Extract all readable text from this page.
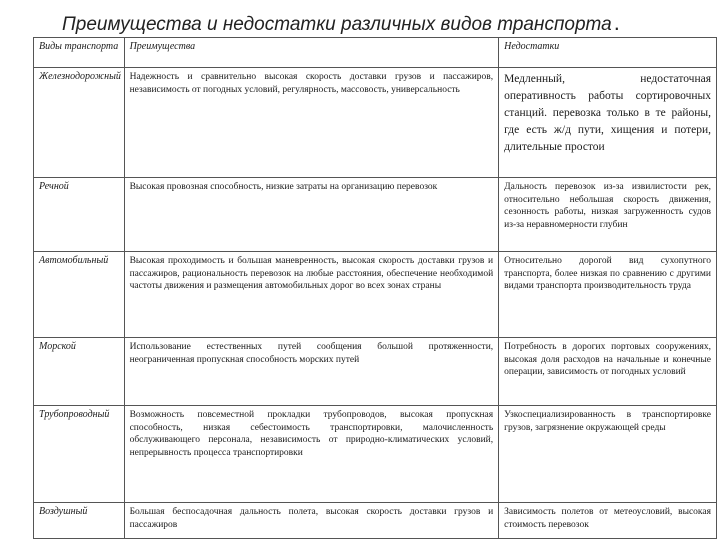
Преимущества и недостатки различных видов транспорта.
Виды транспорта	Преимущества	Недостатки
Железнодорожный	Надежность и сравнительно высокая скорость доставки грузов и пассажиров, независимость от погодных условий, регулярность, массовость, универсальность	Медленный, недостаточная оперативность работы сортировочных станций. перевозка только в те районы, где есть ж/д пути, хищения и потери, длительные простои
Речной	Высокая провозная способность, низкие затраты на организацию перевозок	Дальность перевозок из-за извилистости рек, относительно небольшая скорость движения, сезонность работы, низкая загруженность судов из-за неравномерности глубин
Автомобильный	Высокая проходимость и большая маневренность, высокая скорость доставки грузов и пассажиров, рациональность перевозок на любые расстояния, обеспечение необходимой частоты движения и размещения автомобильных дорог во всех зонах страны	Относительно дорогой вид сухопутного транспорта, более низкая по сравнению с другими видами транспорта производительность труда
Морской	Использование естественных путей сообщения большой протяженности, неограниченная пропускная способность морских путей	Потребность в дорогих портовых сооружениях, высокая доля расходов на начальные и конечные операции, зависимость от погодных условий
Трубопроводный	Возможность повсеместной прокладки трубопроводов, высокая пропускная способность, низкая себестоимость транспортировки, малочисленность обслуживающего персонала, независимость от природно-климатических условий, непрерывность процесса транспортировки	Узкоспециализированность в транспортировке грузов, загрязнение окружающей среды
Воздушный	Большая беспосадочная дальность полета, высокая скорость доставки грузов и пассажиров	Зависимость полетов от метеоусловий, высокая стоимость перевозок
